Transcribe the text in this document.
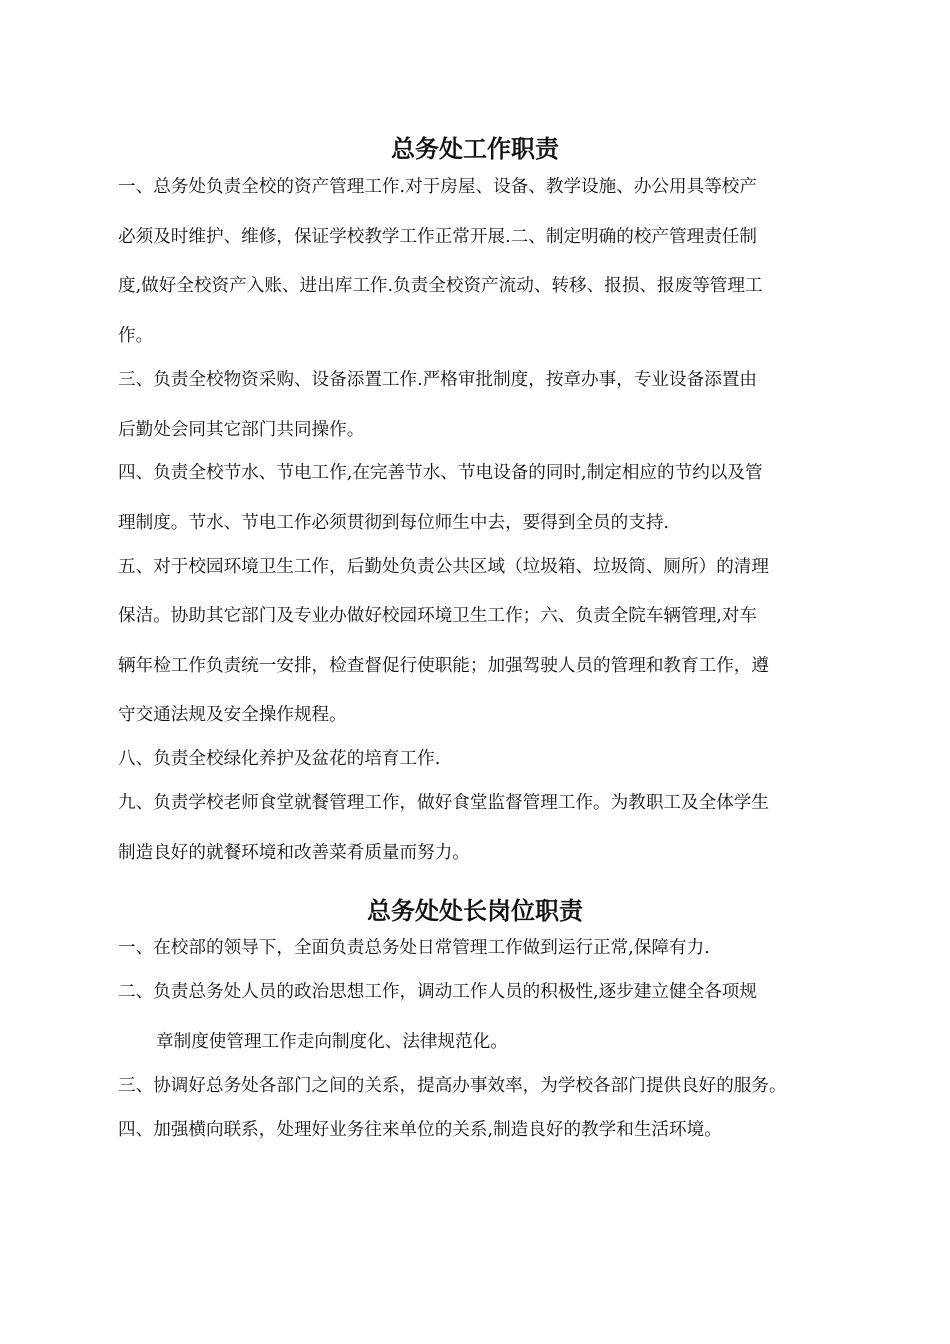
总务处工作职责

一、总务处负责全校的资产管理工作.对于房屋、设备、教学设施、办公用具等校产

必须及时维护、维修，保证学校教学工作正常开展.二、制定明确的校产管理责任制

度,做好全校资产入账、进出库工作.负责全校资产流动、转移、报损、报废等管理工

作。

三、负责全校物资采购、设备添置工作.严格审批制度，按章办事，专业设备添置由

后勤处会同其它部门共同操作。

四、负责全校节水、节电工作,在完善节水、节电设备的同时,制定相应的节约以及管

理制度。节水、节电工作必须贯彻到每位师生中去，要得到全员的支持.

五、对于校园环境卫生工作，后勤处负责公共区域（垃圾箱、垃圾筒、厕所）的清理

保洁。协助其它部门及专业办做好校园环境卫生工作；六、负责全院车辆管理,对车

辆年检工作负责统一安排，检查督促行使职能；加强驾驶人员的管理和教育工作，遵

守交通法规及安全操作规程。

八、负责全校绿化养护及盆花的培育工作.

九、负责学校老师食堂就餐管理工作，做好食堂监督管理工作。为教职工及全体学生

制造良好的就餐环境和改善菜肴质量而努力。

总务处处长岗位职责

一、在校部的领导下，全面负责总务处日常管理工作做到运行正常,保障有力.

二、负责总务处人员的政治思想工作，调动工作人员的积极性,逐步建立健全各项规

章制度使管理工作走向制度化、法律规范化。

三、协调好总务处各部门之间的关系，提高办事效率，为学校各部门提供良好的服务。

四、加强横向联系，处理好业务往来单位的关系,制造良好的教学和生活环境。
